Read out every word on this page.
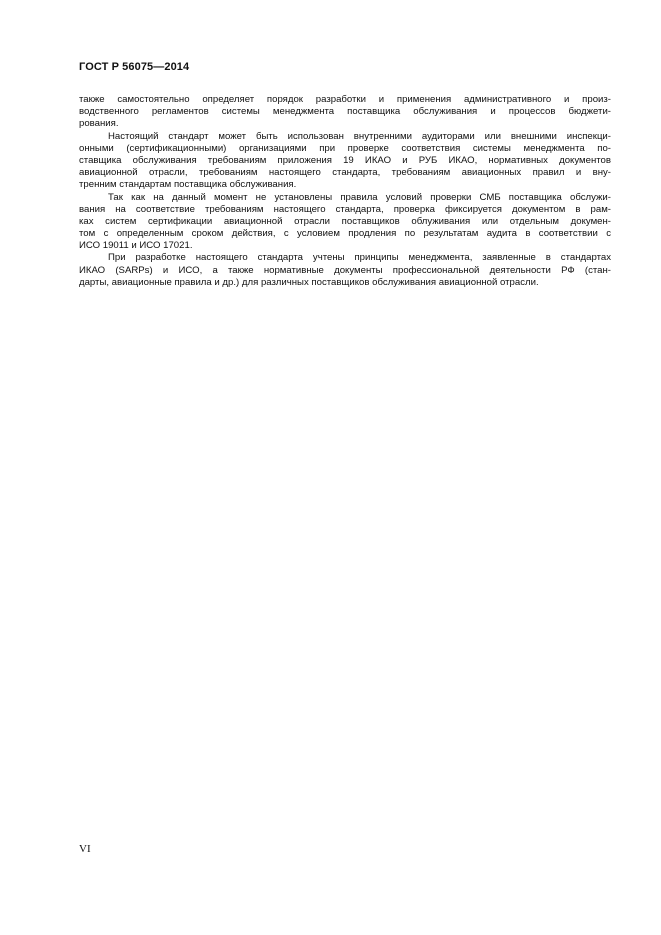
ГОСТ Р 56075—2014
также самостоятельно определяет порядок разработки и применения административного и произ-
водственного регламентов системы менеджмента поставщика обслуживания и процессов бюджети-
рования.
Настоящий стандарт может быть использован внутренними аудиторами или внешними инспекци-
онными (сертификационными) организациями при проверке соответствия системы менеджмента по-
ставщика обслуживания требованиям приложения 19 ИКАО и РУБ ИКАО, нормативных документов
авиационной отрасли, требованиям настоящего стандарта, требованиям авиационных правил и вну-
тренним стандартам поставщика обслуживания.
Так как на данный момент не установлены правила условий проверки СМБ поставщика обслужи-
вания на соответствие требованиям настоящего стандарта, проверка фиксируется документом в рам-
ках систем сертификации авиационной отрасли поставщиков облуживания или отдельным докумен-
том с определенным сроком действия, с условием продления по результатам аудита в соответствии с
ИСО 19011 и ИСО 17021.
При разработке настоящего стандарта учтены принципы менеджмента, заявленные в стандартах
ИКАО (SARPs) и ИСО, а также нормативные документы профессиональной деятельности РФ (стан-
дарты, авиационные правила и др.) для различных поставщиков обслуживания авиационной отрасли.
VI
